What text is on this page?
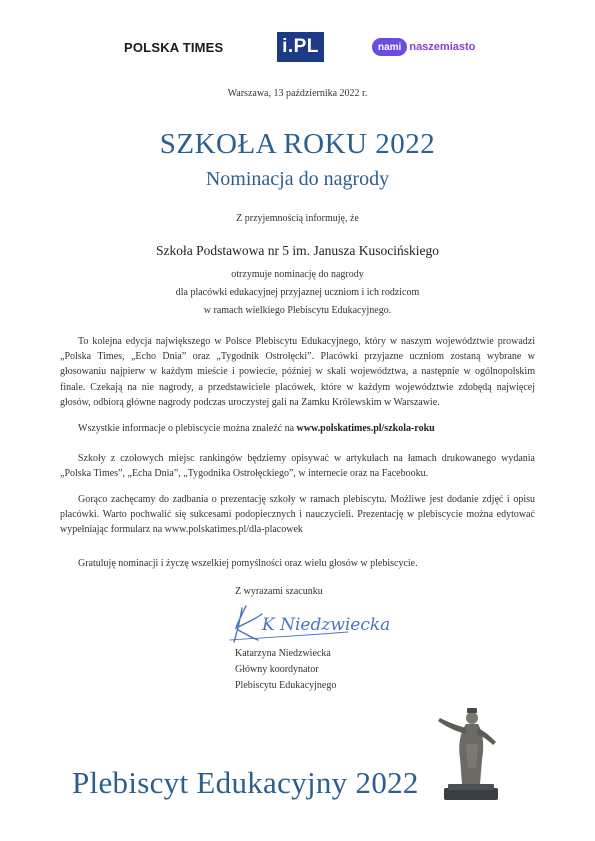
POLSKA TIMES	i.PL	nami naszemiasto
Warszawa, 13 października 2022 r.
SZKOŁA ROKU 2022
Nominacja do nagrody
Z przyjemnością informuję, że
Szkoła Podstawowa nr 5 im. Janusza Kusocińskiego
otrzymuje nominację do nagrody
dla placówki edukacyjnej przyjaznej uczniom i ich rodzicom
w ramach wielkiego Plebiscytu Edukacyjnego.
To kolejna edycja największego w Polsce Plebiscytu Edukacyjnego, który w naszym województwie prowadzi „Polska Times, „Echo Dnia” oraz „Tygodnik Ostrołęcki”. Placówki przyjazne uczniom zostaną wybrane w głosowaniu najpierw w każdym mieście i powiecie, później w skali województwa, a następnie w ogólnopolskim finale. Czekają na nie nagrody, a przedstawiciele placówek, które w każdym województwie zdobędą najwięcej głosów, odbiorą główne nagrody podczas uroczystej gali na Zamku Królewskim w Warszawie.
Wszystkie informacje o plebiscycie można znaleźć na www.polskatimes.pl/szkola-roku
Szkoły z czołowych miejsc rankingów będziemy opisywać w artykułach na łamach drukowanego wydania „Polska Times”, „Echa Dnia”, „Tygodnika Ostrołęckiego”, w internecie oraz na Facebooku.
Gorąco zachęcamy do zadbania o prezentację szkoły w ramach plebiscytu. Możliwe jest dodanie zdjęć i opisu placówki. Warto pochwalić się sukcesami podopiecznych i nauczycieli. Prezentację w plebiscycie można edytować wypełniając formularz na www.polskatimes.pl/dla-placowek
Gratuluję nominacji i życzę wszelkiej pomyślności oraz wielu głosów w plebiscycie.
Z wyrazami szacunku
K Niedzwiecka
Katarzyna Niedzwiecka
Główny koordynator
Plebiscytu Edukacyjnego
Plebiscyt Edukacyjny 2022
